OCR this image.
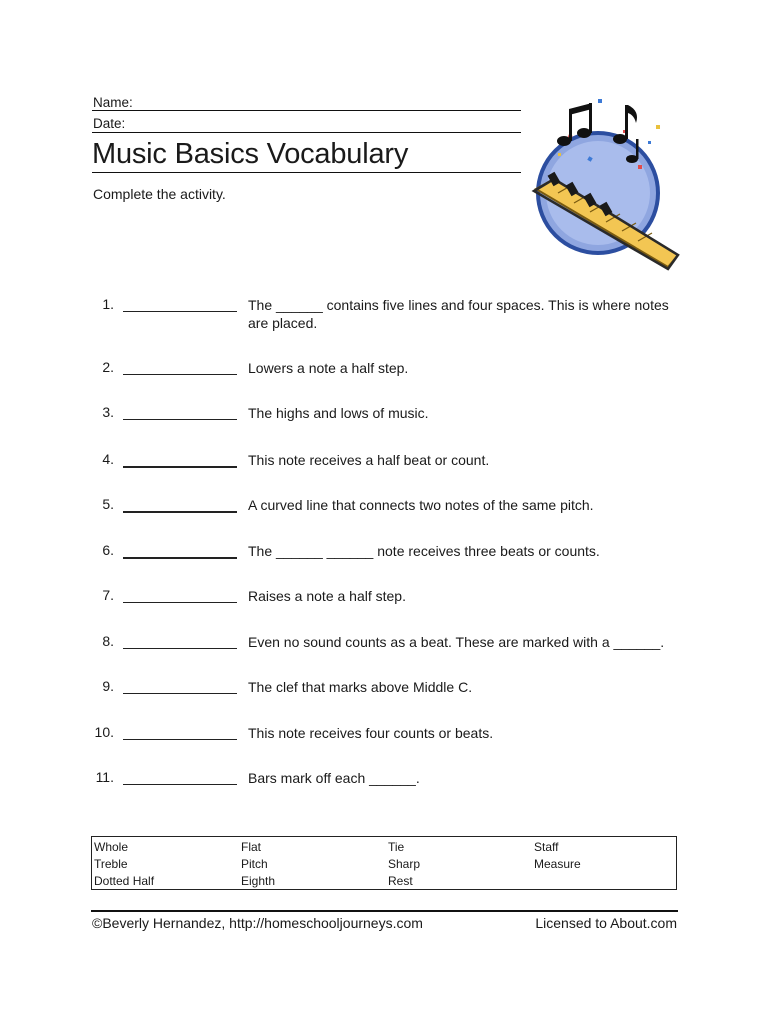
Name:
Date:
Music Basics Vocabulary
Complete the activity.
1.	The ______ contains five lines and four spaces. This is where notes are placed.
2.	Lowers a note a half step.
3.	The highs and lows of music.
4.	This note receives a half beat or count.
5.	A curved line that connects two notes of the same pitch.
6.	The ______ ______ note receives three beats or counts.
7.	Raises a note a half step.
8.	Even no sound counts as a beat. These are marked with a ______.
9.	The clef that marks above Middle C.
10.	This note receives four counts or beats.
11.	Bars mark off each ______.
Whole	Flat	Tie	Staff
Treble	Pitch	Sharp	Measure
Dotted Half	Eighth	Rest
©Beverly Hernandez, http://homeschooljourneys.com	Licensed to About.com
